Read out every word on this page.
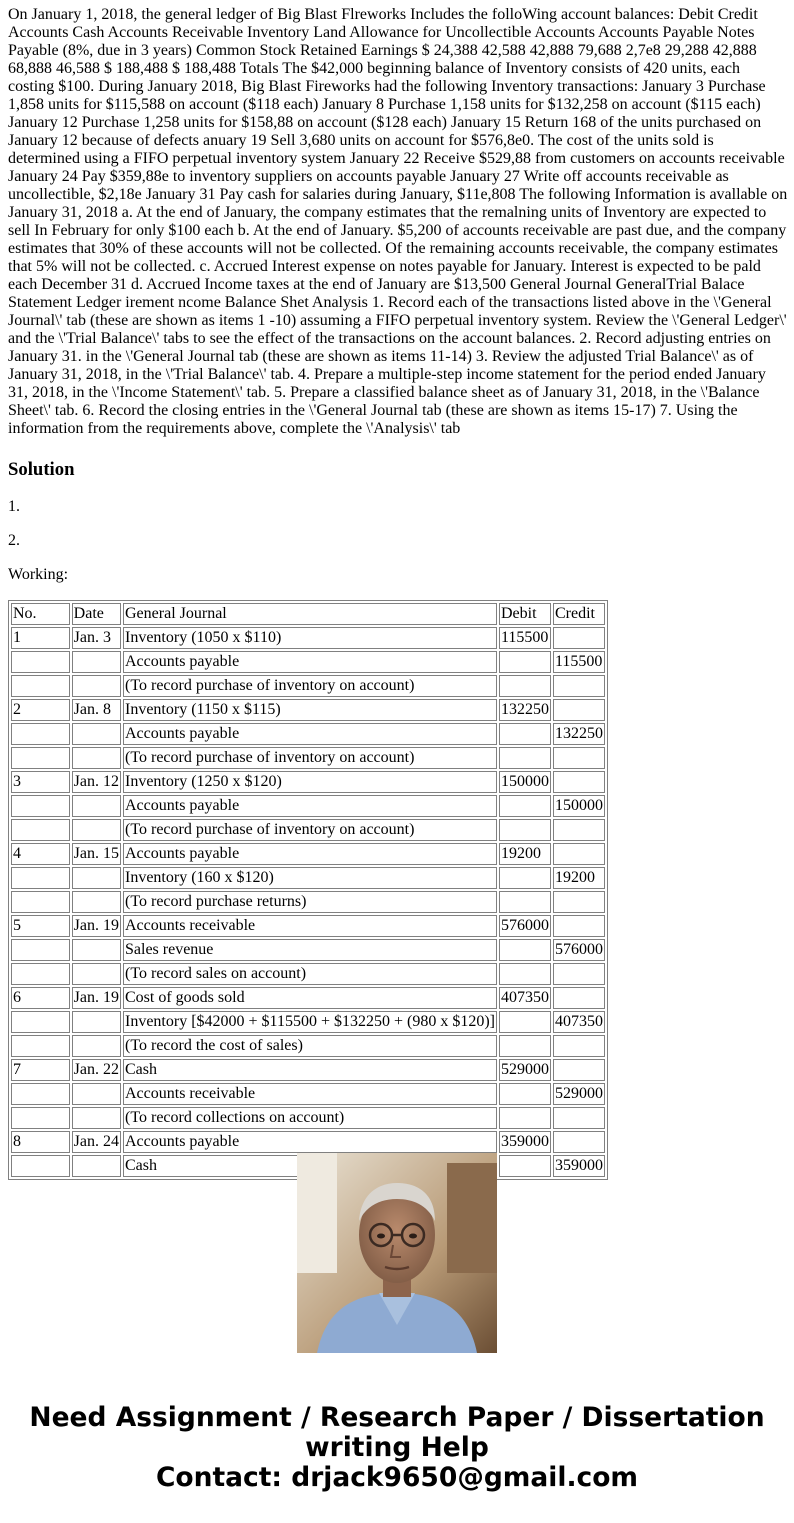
On January 1, 2018, the general ledger of Big Blast Flreworks Includes the folloWing account balances: Debit Credit Accounts Cash Accounts Receivable Inventory Land Allowance for Uncollectible Accounts Accounts Payable Notes Payable (8%, due in 3 years) Common Stock Retained Earnings $ 24,388 42,588 42,888 79,688 2,7e8 29,288 42,888 68,888 46,588 $ 188,488 $ 188,488 Totals The $42,000 beginning balance of Inventory consists of 420 units, each costing $100. During January 2018, Big Blast Fireworks had the following Inventory transactions: January 3 Purchase 1,858 units for $115,588 on account ($118 each) January 8 Purchase 1,158 units for $132,258 on account ($115 each) January 12 Purchase 1,258 units for $158,88 on account ($128 each) January 15 Return 168 of the units purchased on January 12 because of defects anuary 19 Sell 3,680 units on account for $576,8e0. The cost of the units sold is determined using a FIFO perpetual inventory system January 22 Receive $529,88 from customers on accounts receivable January 24 Pay $359,88e to inventory suppliers on accounts payable January 27 Write off accounts receivable as uncollectible, $2,18e January 31 Pay cash for salaries during January, $11e,808 The following Information is avallable on January 31, 2018 a. At the end of January, the company estimates that the remalning units of Inventory are expected to sell In February for only $100 each b. At the end of January. $5,200 of accounts receivable are past due, and the company estimates that 30% of these accounts will not be collected. Of the remaining accounts receivable, the company estimates that 5% will not be collected. c. Accrued Interest expense on notes payable for January. Interest is expected to be pald each December 31 d. Accrued Income taxes at the end of January are $13,500 General Journal GeneralTrial Balace Statement Ledger irement ncome Balance Shet Analysis 1. Record each of the transactions listed above in the \'General Journal\' tab (these are shown as items 1 -10) assuming a FIFO perpetual inventory system. Review the \'General Ledger\' and the \'Trial Balance\' tabs to see the effect of the transactions on the account balances. 2. Record adjusting entries on January 31. in the \'General Journal tab (these are shown as items 11-14) 3. Review the adjusted Trial Balance\' as of January 31, 2018, in the \'Trial Balance\' tab. 4. Prepare a multiple-step income statement for the period ended January 31, 2018, in the \'Income Statement\' tab. 5. Prepare a classified balance sheet as of January 31, 2018, in the \'Balance Sheet\' tab. 6. Record the closing entries in the \'General Journal tab (these are shown as items 15-17) 7. Using the information from the requirements above, complete the \'Analysis\' tab

Solution

1.

2.

Working:

No.	Date	General Journal	Debit	Credit
1	Jan. 3	Inventory (1050 x $110)	115500	
		Accounts payable		115500
		(To record purchase of inventory on account)		
2	Jan. 8	Inventory (1150 x $115)	132250	
		Accounts payable		132250
		(To record purchase of inventory on account)		
3	Jan. 12	Inventory (1250 x $120)	150000	
		Accounts payable		150000
		(To record purchase of inventory on account)		
4	Jan. 15	Accounts payable	19200	
		Inventory (160 x $120)		19200
		(To record purchase returns)		
5	Jan. 19	Accounts receivable	576000	
		Sales revenue		576000
		(To record sales on account)		
6	Jan. 19	Cost of goods sold	407350	
		Inventory [$42000 + $115500 + $132250 + (980 x $120)]		407350
		(To record the cost of sales)		
7	Jan. 22	Cash	529000	
		Accounts receivable		529000
		(To record collections on account)		
8	Jan. 24	Accounts payable	359000	
		Cash		359000
Need Assignment / Research Paper / Dissertation
writing Help
Contact: drjack9650@gmail.com
